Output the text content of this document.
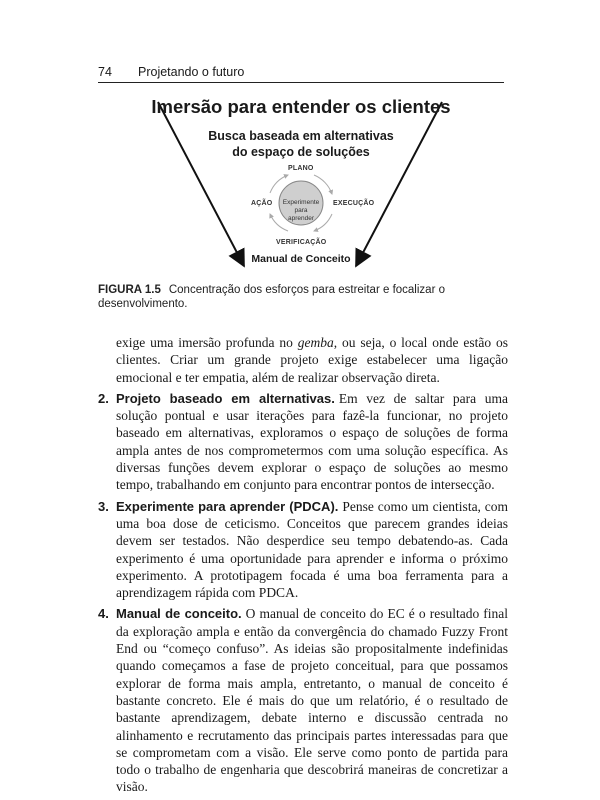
74 Projetando o futuro
Imersão para entender os clientes
Busca baseada em alternativas
do espaço de soluções
PLANO
EXECUÇÃO
VERIFICAÇÃO
AÇÃO Experimente
para aprender
Manual de Conceito
FIGURA 1.5 Concentração dos esforços para estreitar e focalizar o desenvolvimento.

exige uma imersão profunda no gemba, ou seja, o local onde estão os clientes. Criar um grande projeto exige estabelecer uma ligação emocional e ter empatia, além de realizar observação direta.

2. Projeto baseado em alternativas. Em vez de saltar para uma solução pontual e usar iterações para fazê-la funcionar, no projeto baseado em alternativas, exploramos o espaço de soluções de forma ampla antes de nos comprometermos com uma solução específica. As diversas funções devem explorar o espaço de soluções ao mesmo tempo, trabalhando em conjunto para encontrar pontos de intersecção.

3. Experimente para aprender (PDCA). Pense como um cientista, com uma boa dose de ceticismo. Conceitos que parecem grandes ideias devem ser testados. Não desperdice seu tempo debatendo-as. Cada experimento é uma oportunidade para aprender e informa o próximo experimento. A prototipagem focada é uma boa ferramenta para a aprendizagem rápida com PDCA.

4. Manual de conceito. O manual de conceito do EC é o resultado final da exploração ampla e então da convergência do chamado Fuzzy Front End ou “começo confuso”. As ideias são propositalmente indefinidas quando começamos a fase de projeto conceitual, para que possamos explorar de forma mais ampla, entretanto, o manual de conceito é bastante concreto. Ele é mais do que um relatório, é o resultado de bastante aprendizagem, debate interno e discussão centrada no alinhamento e recrutamento das principais partes interessadas para que se comprometam com a visão. Ele serve como ponto de partida para todo o trabalho de engenharia que descobrirá maneiras de concretizar a visão.
